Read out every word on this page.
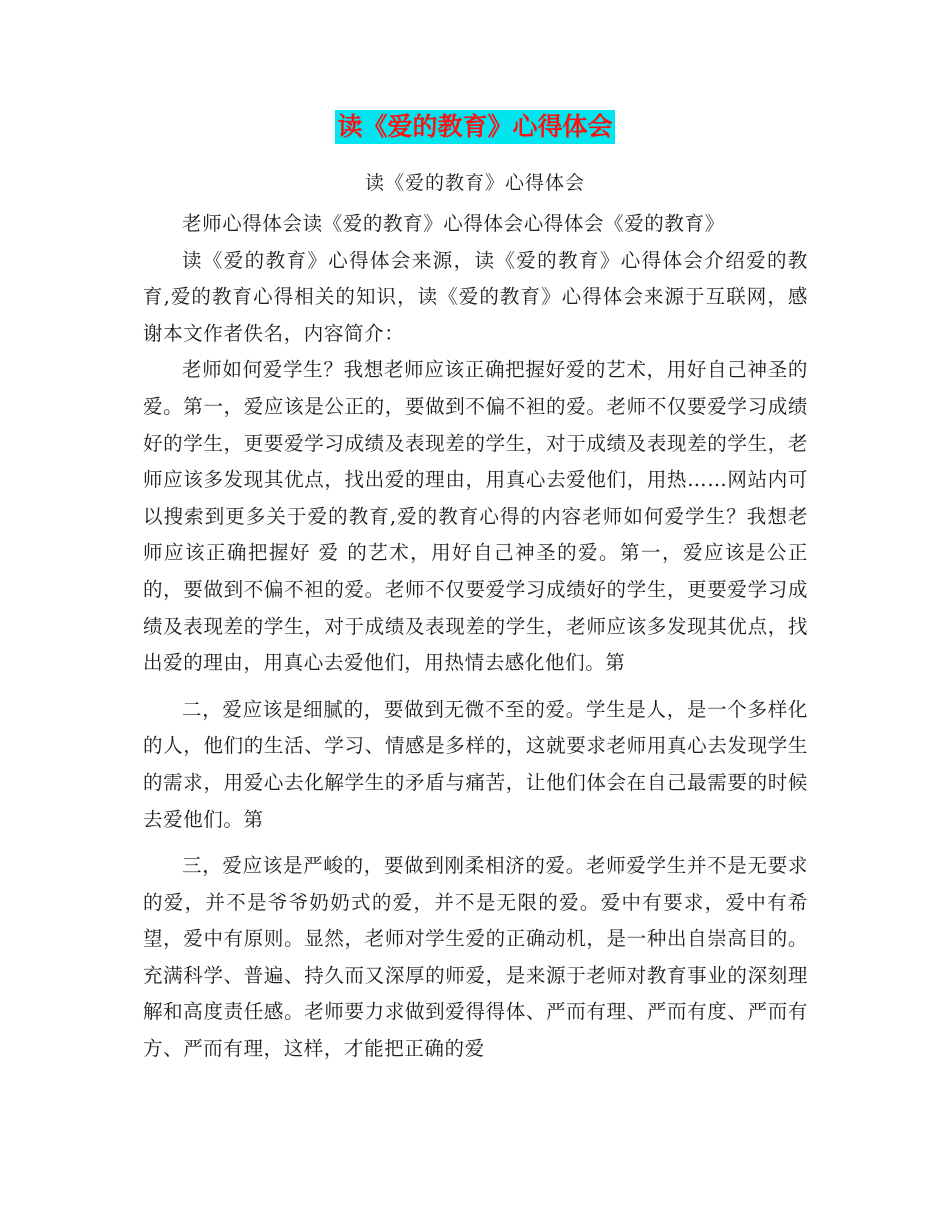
读《爱的教育》心得体会
读《爱的教育》心得体会

老师心得体会读《爱的教育》心得体会心得体会《爱的教育》

读《爱的教育》心得体会来源，读《爱的教育》心得体会介绍爱的教育,爱的教育心得相关的知识，读《爱的教育》心得体会来源于互联网，感谢本文作者佚名，内容简介：

老师如何爱学生？我想老师应该正确把握好爱的艺术，用好自己神圣的爱。第一，爱应该是公正的，要做到不偏不袒的爱。老师不仅要爱学习成绩好的学生，更要爱学习成绩及表现差的学生，对于成绩及表现差的学生，老师应该多发现其优点，找出爱的理由，用真心去爱他们，用热……网站内可以搜索到更多关于爱的教育,爱的教育心得的内容老师如何爱学生？我想老师应该正确把握好 爱 的艺术，用好自己神圣的爱。第一，爱应该是公正的，要做到不偏不袒的爱。老师不仅要爱学习成绩好的学生，更要爱学习成绩及表现差的学生，对于成绩及表现差的学生，老师应该多发现其优点，找出爱的理由，用真心去爱他们，用热情去感化他们。第

二，爱应该是细腻的，要做到无微不至的爱。学生是人，是一个多样化的人，他们的生活、学习、情感是多样的，这就要求老师用真心去发现学生的需求，用爱心去化解学生的矛盾与痛苦，让他们体会在自己最需要的时候去爱他们。第

三，爱应该是严峻的，要做到刚柔相济的爱。老师爱学生并不是无要求的爱，并不是爷爷奶奶式的爱，并不是无限的爱。爱中有要求，爱中有希望，爱中有原则。显然，老师对学生爱的正确动机，是一种出自崇高目的。充满科学、普遍、持久而又深厚的师爱，是来源于老师对教育事业的深刻理解和高度责任感。老师要力求做到爱得得体、严而有理、严而有度、严而有方、严而有理，这样，才能把正确的爱
